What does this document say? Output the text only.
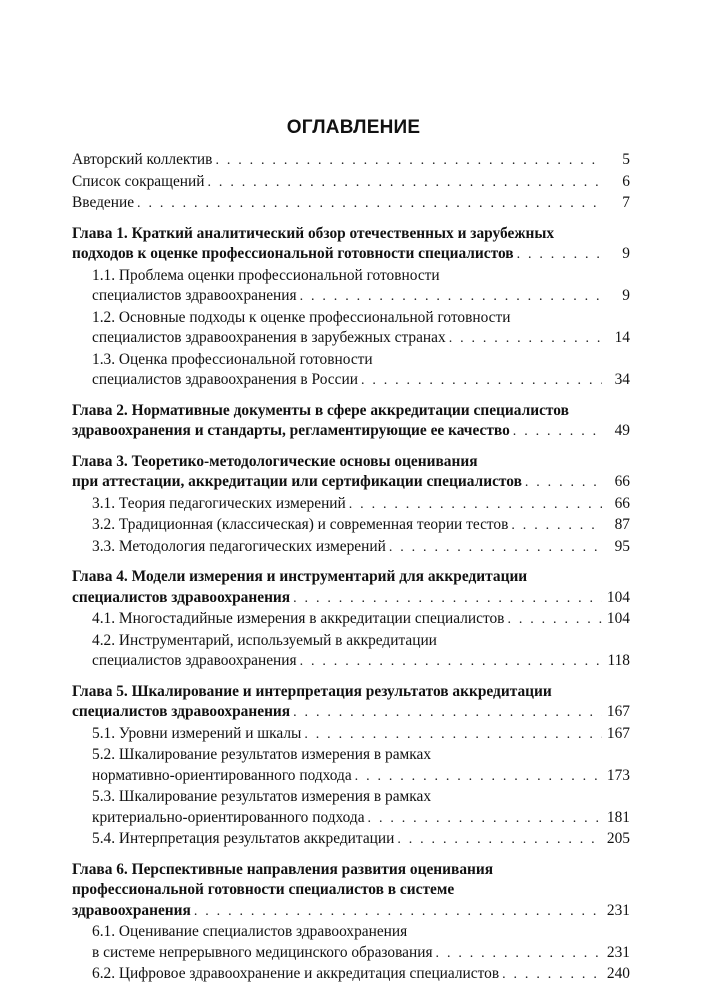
ОГЛАВЛЕНИЕ
Авторский коллектив . . .	5
Список сокращений . . .	6
Введение . . .	7
Глава 1. Краткий аналитический обзор отечественных и зарубежных
подходов к оценке профессиональной готовности специалистов . . .	9
1.1. Проблема оценки профессиональной готовности
специалистов здравоохранения . . .	9
1.2. Основные подходы к оценке профессиональной готовности
специалистов здравоохранения в зарубежных странах . . .	14
1.3. Оценка профессиональной готовности
специалистов здравоохранения в России . . .	34
Глава 2. Нормативные документы в сфере аккредитации специалистов
здравоохранения и стандарты, регламентирующие ее качество . . .	49
Глава 3. Теоретико-методологические основы оценивания
при аттестации, аккредитации или сертификации специалистов . . .	66
3.1. Теория педагогических измерений . . .	66
3.2. Традиционная (классическая) и современная теории тестов . . .	87
3.3. Методология педагогических измерений . . .	95
Глава 4. Модели измерения и инструментарий для аккредитации
специалистов здравоохранения . . .	104
4.1. Многостадийные измерения в аккредитации специалистов . . .	104
4.2. Инструментарий, используемый в аккредитации
специалистов здравоохранения . . .	118
Глава 5. Шкалирование и интерпретация результатов аккредитации
специалистов здравоохранения . . .	167
5.1. Уровни измерений и шкалы . . .	167
5.2. Шкалирование результатов измерения в рамках
нормативно-ориентированного подхода . . .	173
5.3. Шкалирование результатов измерения в рамках
критериально-ориентированного подхода . . .	181
5.4. Интерпретация результатов аккредитации . . .	205
Глава 6. Перспективные направления развития оценивания
профессиональной готовности специалистов в системе
здравоохранения . . .	231
6.1. Оценивание специалистов здравоохранения
в системе непрерывного медицинского образования . . .	231
6.2. Цифровое здравоохранение и аккредитация специалистов . . .	240
